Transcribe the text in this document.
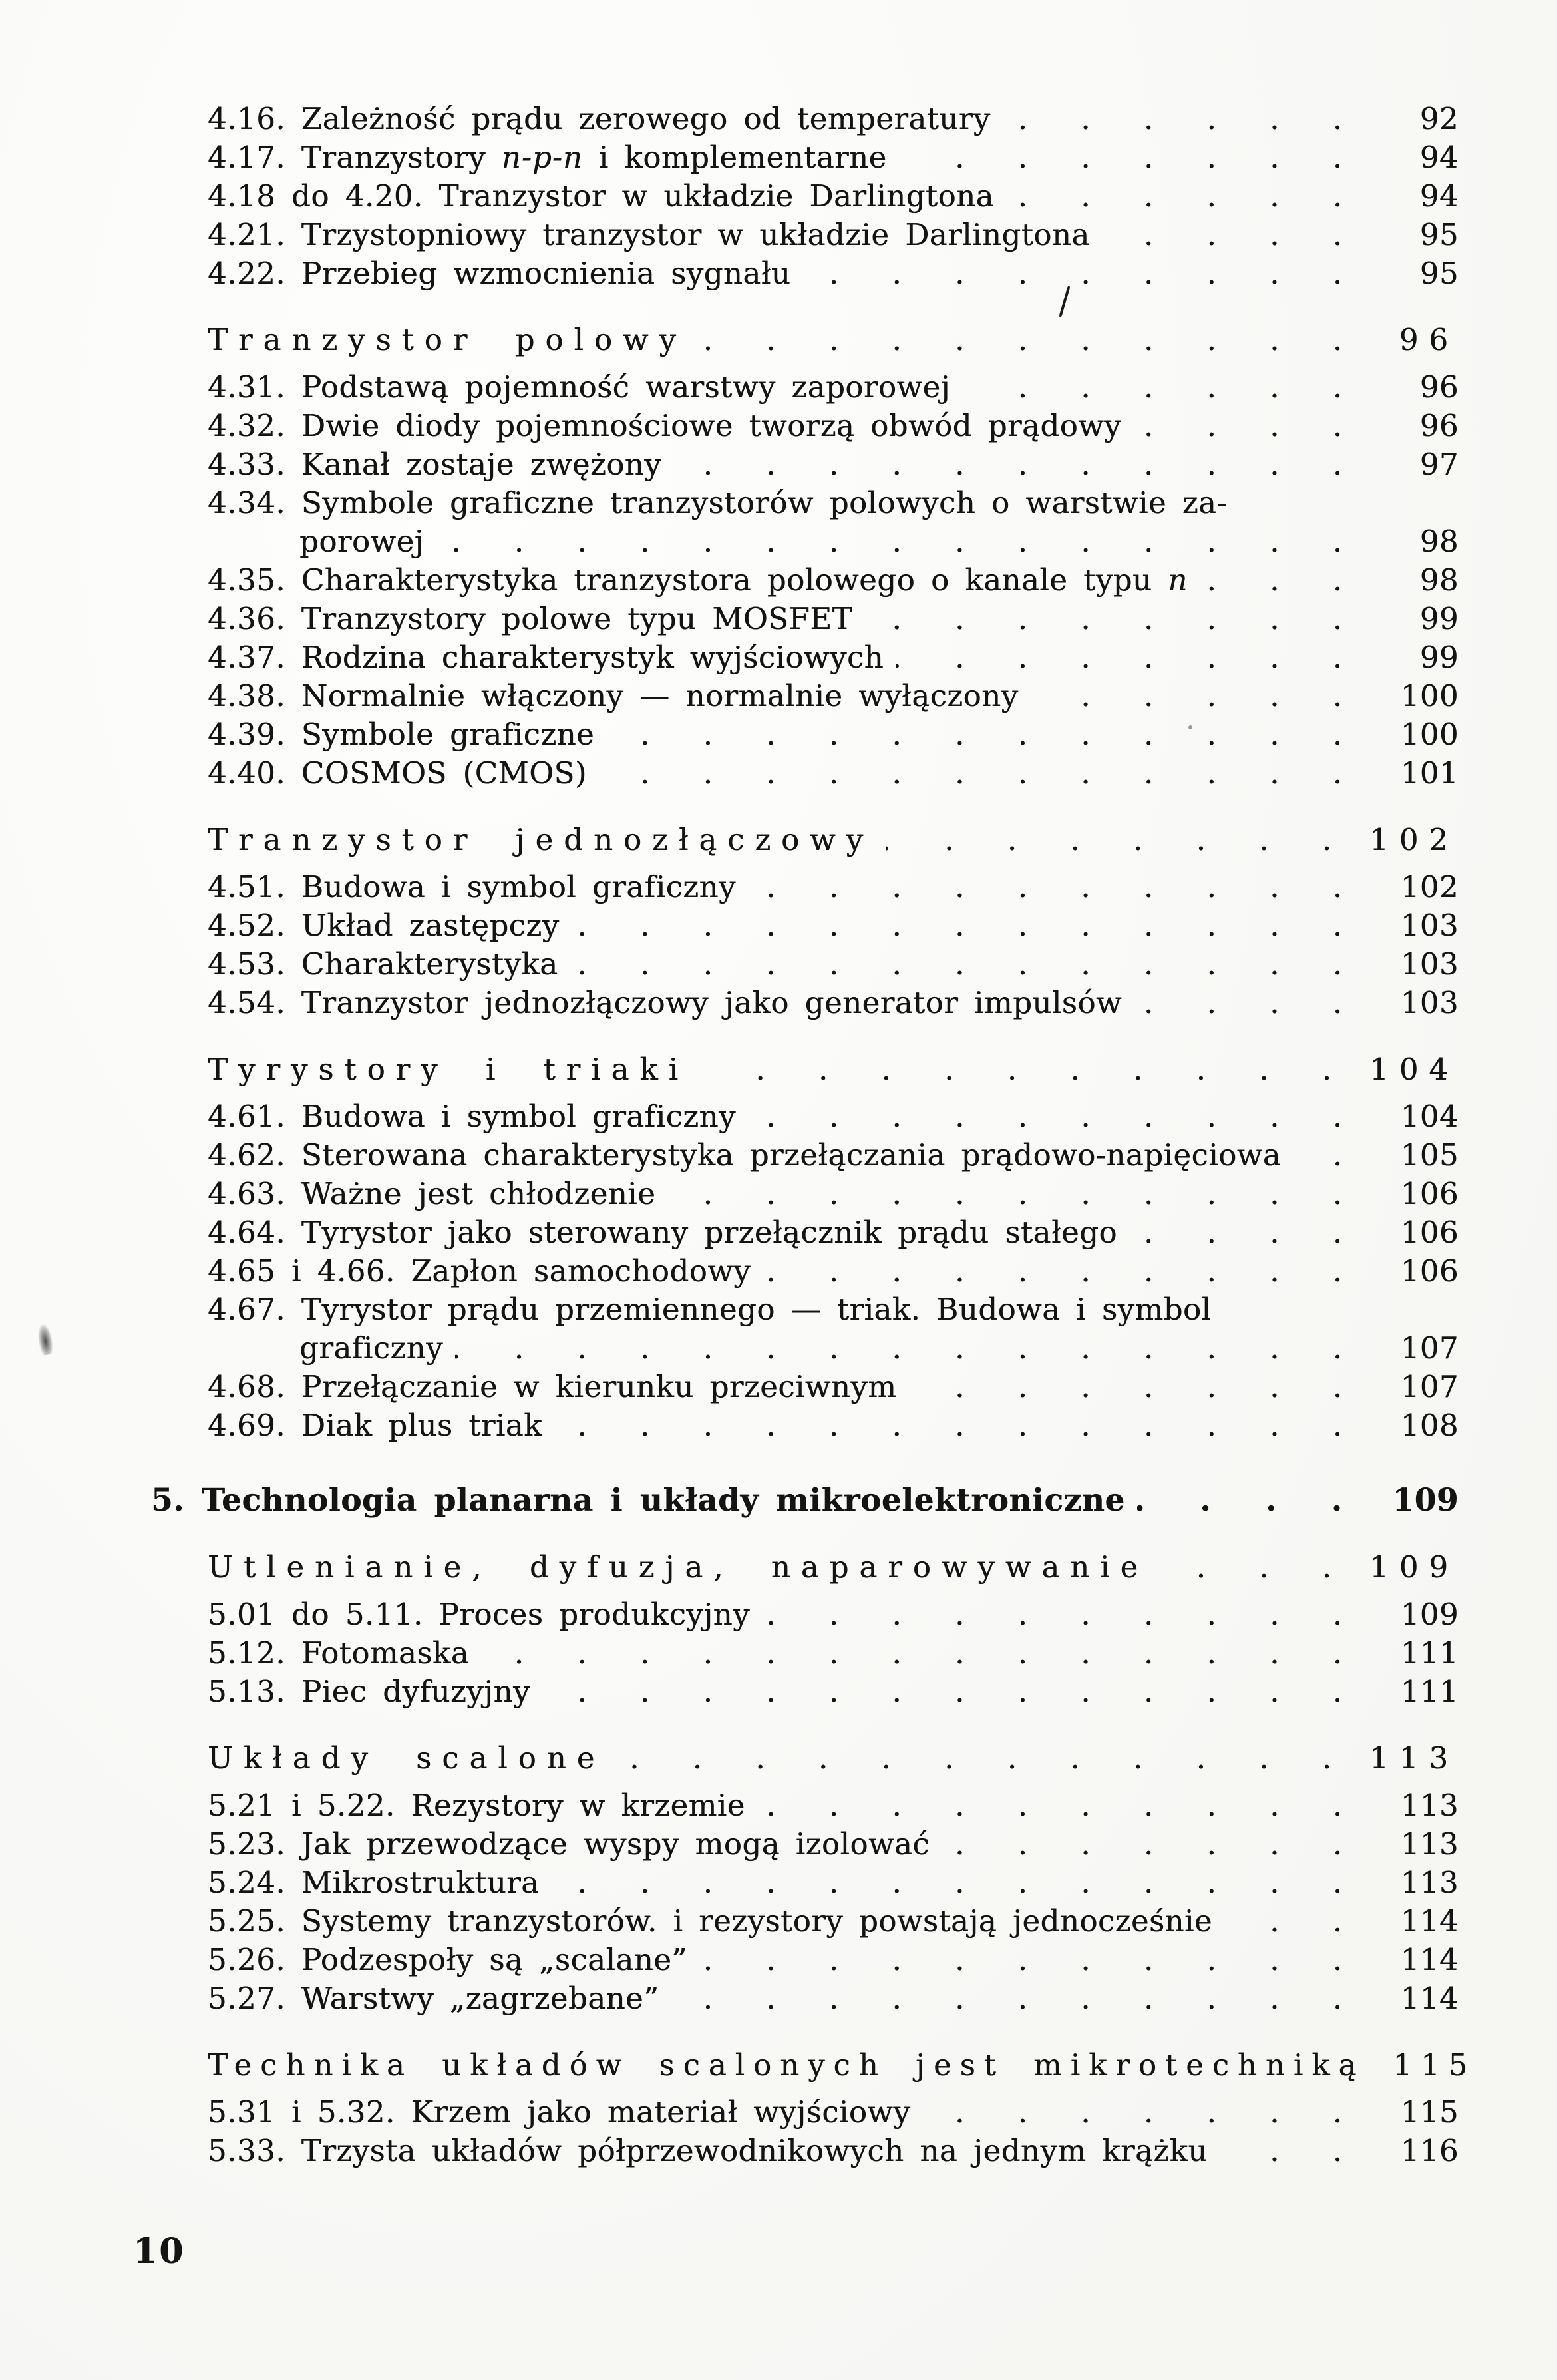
4.16. Zależność prądu zerowego od temperatury . . .	92
4.17. Tranzystory n-p-n i komplementarne . . .	94
4.18 do 4.20. Tranzystor w układzie Darlingtona . . .	94
4.21. Trzystopniowy tranzystor w układzie Darlingtona . . .	95
4.22. Przebieg wzmocnienia sygnału . . .	95
Tranzystor polowy . . .	96
4.31. Podstawą pojemność warstwy zaporowej . . .	96
4.32. Dwie diody pojemnościowe tworzą obwód prądowy . . .	96
4.33. Kanał zostaje zwężony . . .	97
4.34. Symbole graficzne tranzystorów polowych o warstwie za-
porowej . . .	98
4.35. Charakterystyka tranzystora polowego o kanale typu n . . .	98
4.36. Tranzystory polowe typu MOSFET . . .	99
4.37. Rodzina charakterystyk wyjściowych . . .	99
4.38. Normalnie włączony — normalnie wyłączony . . .	100
4.39. Symbole graficzne . . .	100
4.40. COSMOS (CMOS) . . .	101
Tranzystor jednozłączowy . . .	102
4.51. Budowa i symbol graficzny . . .	102
4.52. Układ zastępczy . . .	103
4.53. Charakterystyka . . .	103
4.54. Tranzystor jednozłączowy jako generator impulsów . . .	103
Tyrystory i triaki . . .	104
4.61. Budowa i symbol graficzny . . .	104
4.62. Sterowana charakterystyka przełączania prądowo-napięciowa . . .	105
4.63. Ważne jest chłodzenie . . .	106
4.64. Tyrystor jako sterowany przełącznik prądu stałego . . .	106
4.65 i 4.66. Zapłon samochodowy . . .	106
4.67. Tyrystor prądu przemiennego — triak. Budowa i symbol
graficzny . . .	107
4.68. Przełączanie w kierunku przeciwnym . . .	107
4.69. Diak plus triak . . .	108
5. Technologia planarna i układy mikroelektroniczne . . .	109
Utlenianie, dyfuzja, naparowywanie . . .	109
5.01 do 5.11. Proces produkcyjny . . .	109
5.12. Fotomaska . . .	111
5.13. Piec dyfuzyjny . . .	111
Układy scalone . . .	113
5.21 i 5.22. Rezystory w krzemie . . .	113
5.23. Jak przewodzące wyspy mogą izolować . . .	113
5.24. Mikrostruktura . . .	113
5.25. Systemy tranzystorów. i rezystory powstają jednocześnie . . .	114
5.26. Podzespoły są „scalane” . . .	114
5.27. Warstwy „zagrzebane” . . .	114
Technika układów scalonych jest mikrotechniką 115
5.31 i 5.32. Krzem jako materiał wyjściowy . . .	115
5.33. Trzysta układów półprzewodnikowych na jednym krążku . . .	116
10
